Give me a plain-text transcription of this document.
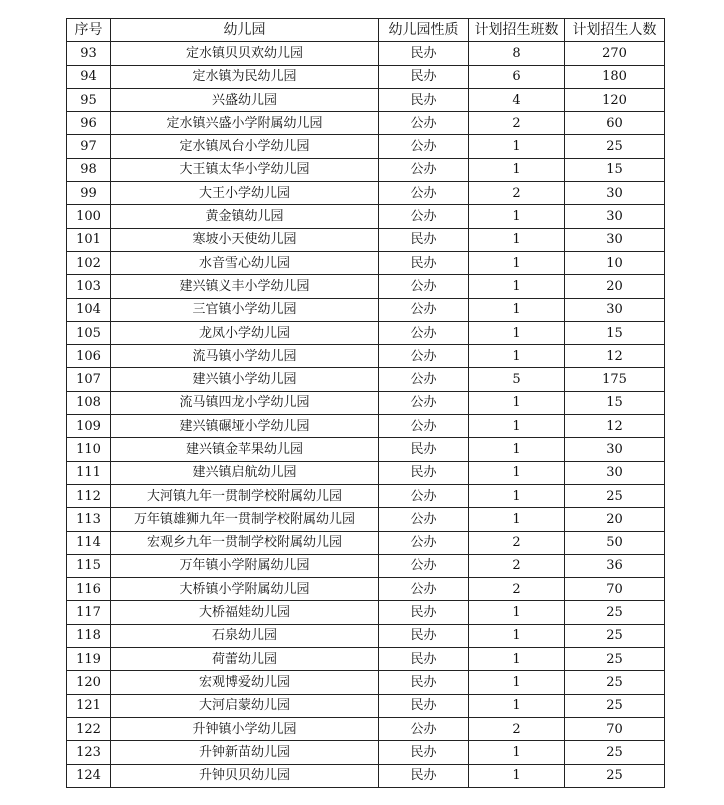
序号	幼儿园	幼儿园性质	计划招生班数	计划招生人数
93	定水镇贝贝欢幼儿园	民办	8	270
94	定水镇为民幼儿园	民办	6	180
95	兴盛幼儿园	民办	4	120
96	定水镇兴盛小学附属幼儿园	公办	2	60
97	定水镇凤台小学幼儿园	公办	1	25
98	大王镇太华小学幼儿园	公办	1	15
99	大王小学幼儿园	公办	2	30
100	黄金镇幼儿园	公办	1	30
101	寒坡小天使幼儿园	民办	1	30
102	水音雪心幼儿园	民办	1	10
103	建兴镇义丰小学幼儿园	公办	1	20
104	三官镇小学幼儿园	公办	1	30
105	龙凤小学幼儿园	公办	1	15
106	流马镇小学幼儿园	公办	1	12
107	建兴镇小学幼儿园	公办	5	175
108	流马镇四龙小学幼儿园	公办	1	15
109	建兴镇碾垭小学幼儿园	公办	1	12
110	建兴镇金苹果幼儿园	民办	1	30
111	建兴镇启航幼儿园	民办	1	30
112	大河镇九年一贯制学校附属幼儿园	公办	1	25
113	万年镇雄狮九年一贯制学校附属幼儿园	公办	1	20
114	宏观乡九年一贯制学校附属幼儿园	公办	2	50
115	万年镇小学附属幼儿园	公办	2	36
116	大桥镇小学附属幼儿园	公办	2	70
117	大桥福娃幼儿园	民办	1	25
118	石泉幼儿园	民办	1	25
119	荷蕾幼儿园	民办	1	25
120	宏观博爱幼儿园	民办	1	25
121	大河启蒙幼儿园	民办	1	25
122	升钟镇小学幼儿园	公办	2	70
123	升钟新苗幼儿园	民办	1	25
124	升钟贝贝幼儿园	民办	1	25
